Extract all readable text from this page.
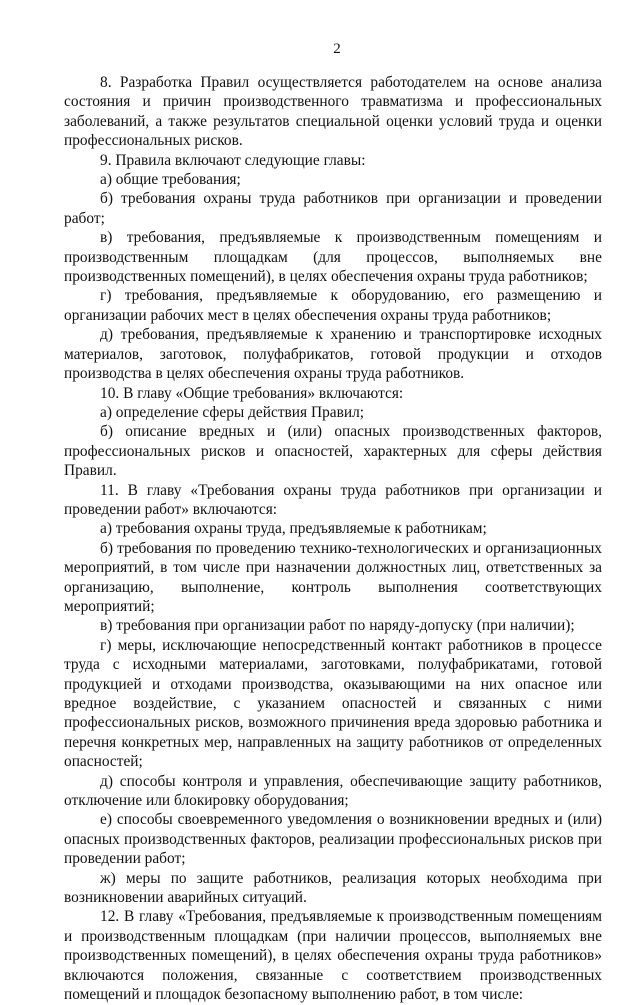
2

8. Разработка Правил осуществляется работодателем на основе анализа состояния и причин производственного травматизма и профессиональных заболеваний, а также результатов специальной оценки условий труда и оценки профессиональных рисков.

9. Правила включают следующие главы:

а) общие требования;

б) требования охраны труда работников при организации и проведении работ;

в) требования, предъявляемые к производственным помещениям и производственным площадкам (для процессов, выполняемых вне производственных помещений), в целях обеспечения охраны труда работников;

г) требования, предъявляемые к оборудованию, его размещению и организации рабочих мест в целях обеспечения охраны труда работников;

д) требования, предъявляемые к хранению и транспортировке исходных материалов, заготовок, полуфабрикатов, готовой продукции и отходов производства в целях обеспечения охраны труда работников.

10. В главу «Общие требования» включаются:

а) определение сферы действия Правил;

б) описание вредных и (или) опасных производственных факторов, профессиональных рисков и опасностей, характерных для сферы действия Правил.

11. В главу «Требования охраны труда работников при организации и проведении работ» включаются:

а) требования охраны труда, предъявляемые к работникам;

б) требования по проведению технико-технологических и организационных мероприятий, в том числе при назначении должностных лиц, ответственных за организацию, выполнение, контроль выполнения соответствующих мероприятий;

в) требования при организации работ по наряду-допуску (при наличии);

г) меры, исключающие непосредственный контакт работников в процессе труда с исходными материалами, заготовками, полуфабрикатами, готовой продукцией и отходами производства, оказывающими на них опасное или вредное воздействие, с указанием опасностей и связанных с ними профессиональных рисков, возможного причинения вреда здоровью работника и перечня конкретных мер, направленных на защиту работников от определенных опасностей;

д) способы контроля и управления, обеспечивающие защиту работников, отключение или блокировку оборудования;

е) способы своевременного уведомления о возникновении вредных и (или) опасных производственных факторов, реализации профессиональных рисков при проведении работ;

ж) меры по защите работников, реализация которых необходима при возникновении аварийных ситуаций.

12. В главу «Требования, предъявляемые к производственным помещениям и производственным площадкам (при наличии процессов, выполняемых вне производственных помещений), в целях обеспечения охраны труда работников» включаются положения, связанные с соответствием производственных помещений и площадок безопасному выполнению работ, в том числе:
